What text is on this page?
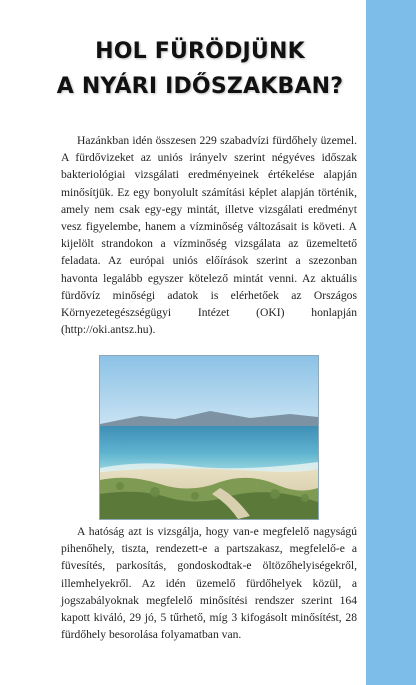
HOL FÜRÖDJÜNK
A NYÁRI IDŐSZAKBAN?

Hazánkban idén összesen 229 szabadvízi fürdőhely üzemel. A fürdővizeket az uniós irányelv szerint négyéves időszak bakteriológiai vizsgálati eredményeinek értékelése alapján minősítjük. Ez egy bonyolult számítási képlet alapján történik, amely nem csak egy-egy mintát, illetve vizsgálati eredményt vesz figyelembe, hanem a vízminőség változásait is követi. A kijelölt strandokon a vízminőség vizsgálata az üzemeltető feladata. Az európai uniós előírások szerint a szezonban havonta legalább egyszer kötelező mintát venni. Az aktuális fürdővíz minőségi adatok is elérhetőek az Országos Környezetegészségügyi Intézet (OKI) honlapján (http://oki.antsz.hu).

A hatóság azt is vizsgálja, hogy van-e megfelelő nagyságú pihenőhely, tiszta, rendezett-e a partszakasz, megfelelő-e a füvesítés, parkosítás, gondoskodtak-e öltözőhelyiségekről, illemhelyekről. Az idén üzemelő fürdőhelyek közül, a jogszabályoknak megfelelő minősítési rendszer szerint 164 kapott kiváló, 29 jó, 5 tűrhető, míg 3 kifogásolt minősítést, 28 fürdőhely besorolása folyamatban van.
